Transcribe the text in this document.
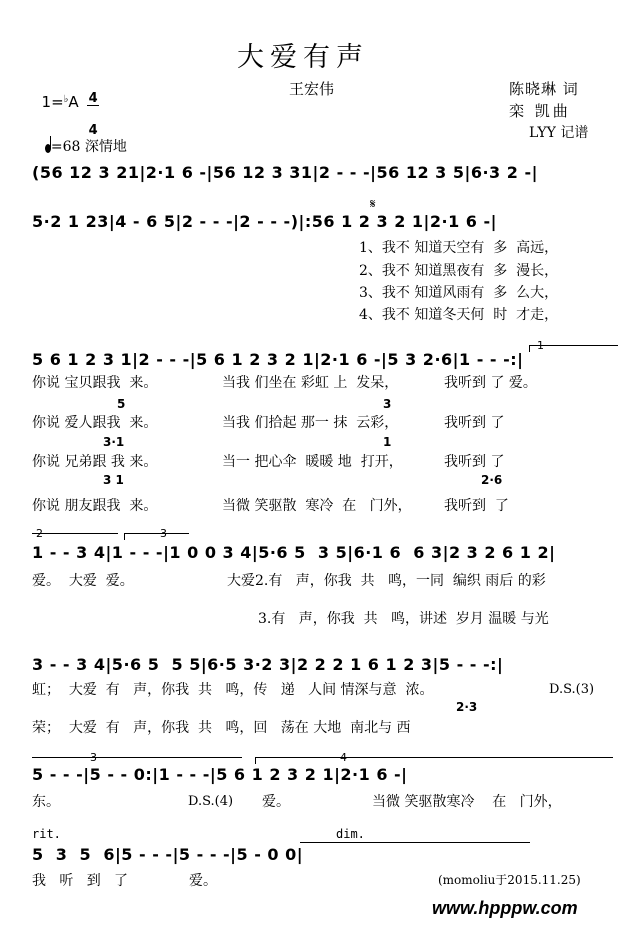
大爱有声

1=♭A 4

4

王宏伟	陈晓琳 词
栾 凯曲
LYY 记谱

=68 深情地

(56 12 3 21|2·1 6 -|56 12 3 31|2 - - -|56 12 3 5|6·3 2 -|
𝄋
5·2 1 23|4 - 6 5|2 - - -|2 - - -)|:56 1 2 3 2 1|2·1 6 -|
1、我不 知道天空有  多  高远，
2、我不 知道黑夜有  多  漫长，
3、我不 知道风雨有  多  么大，
4、我不 知道冬天何  时  才走，
1
5 6 1 2 3 1|2 - - -|5 6 1 2 3 2 1|2·1 6 -|5 3 2·6|1 - - -:|
你说 宝贝跟我  来。	当我 们坐在 彩虹 上  发呆，	我听到 了 爱。
5	3
你说 爱人跟我  来。	当我 们拾起 那一 抹  云彩，	我听到 了
3·1	1
你说 兄弟跟 我 来。	当一 把心伞  暖暖 地  打开，	我听到 了
3 1	2·6
你说 朋友跟我  来。	当微 笑驱散  寒冷  在   门外， 我听到  了
2	3
1 - - 3 4|1 - - -|1 0 0 3 4|5·6 5  3 5|6·1 6  6 3|2 3 2 6 1 2|
爱。  大爱  爱。	大爱2.有   声，你我  共   鸣，一同  编织 雨后 的彩
3.有   声，你我  共   鸣，讲述  岁月 温暖 与光
3 - - 3 4|5·6 5  5 5|6·5 3·2 3|2 2 2 1 6 1 2 3|5 - - -:|
虹；  大爱  有   声，你我  共   鸣，传   递   人间 情深与意  浓。	D.S.(3)
2·3
荣；  大爱  有   声，你我  共   鸣，回   荡在 大地  南北与 西
3	4
5 - - -|5 - - 0:|1 - - -|5 6 1 2 3 2 1|2·1 6 -|
东。	D.S.(4) 爱。	当微 笑驱散寒冷    在   门外，
rit.	dim.
5  3  5  6|5 - - -|5 - - -|5 - 0 0|
我   听   到   了	爱。	(momoliu于2015.11.25)
www.hpppw.com
